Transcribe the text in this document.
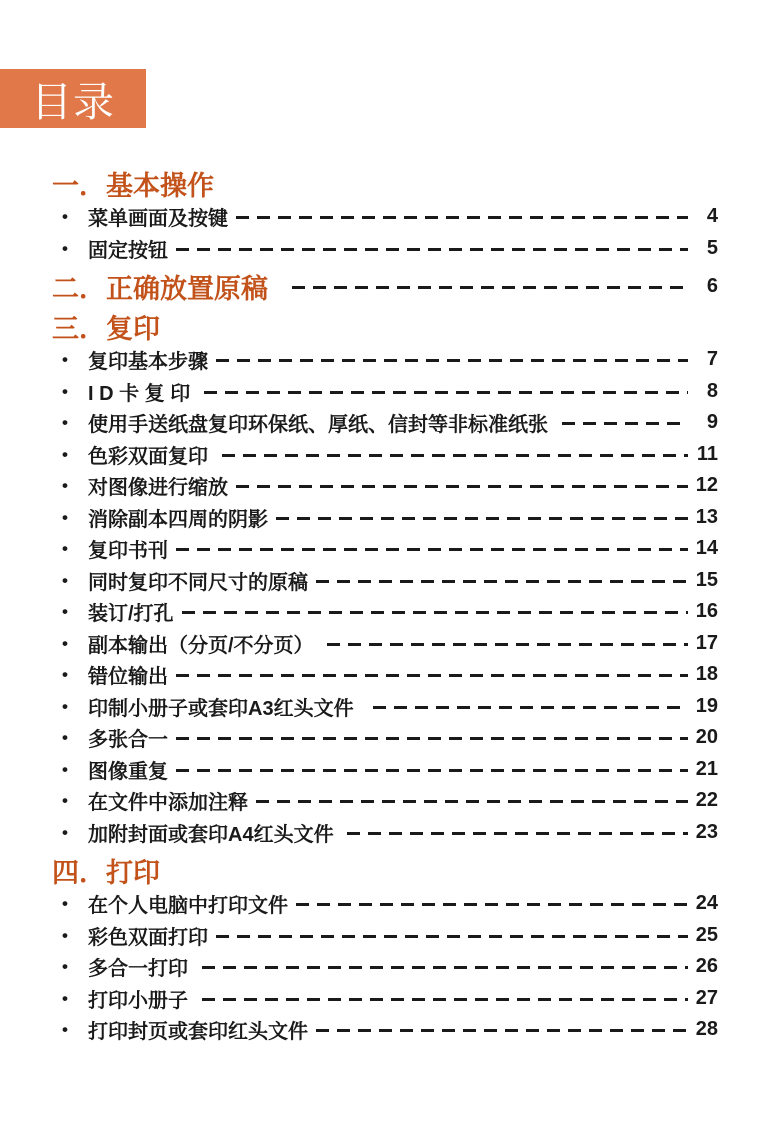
目录
一．基本操作
•	菜单画面及按键	4
•	固定按钮	5
二．正确放置原稿	6
三．复印
•	复印基本步骤	7
•	I D 卡 复 印	8
•	使用手送纸盘复印环保纸、厚纸、信封等非标准纸张	9
•	色彩双面复印	11
•	对图像进行缩放	12
•	消除副本四周的阴影	13
•	复印书刊	14
•	同时复印不同尺寸的原稿	15
•	装订/打孔	16
•	副本输出（分页/不分页）	17
•	错位输出	18
•	印制小册子或套印A3红头文件	19
•	多张合一	20
•	图像重复	21
•	在文件中添加注释	22
•	加附封面或套印A4红头文件	23
四．打印
•	在个人电脑中打印文件	24
•	彩色双面打印	25
•	多合一打印	26
•	打印小册子	27
•	打印封页或套印红头文件	28
